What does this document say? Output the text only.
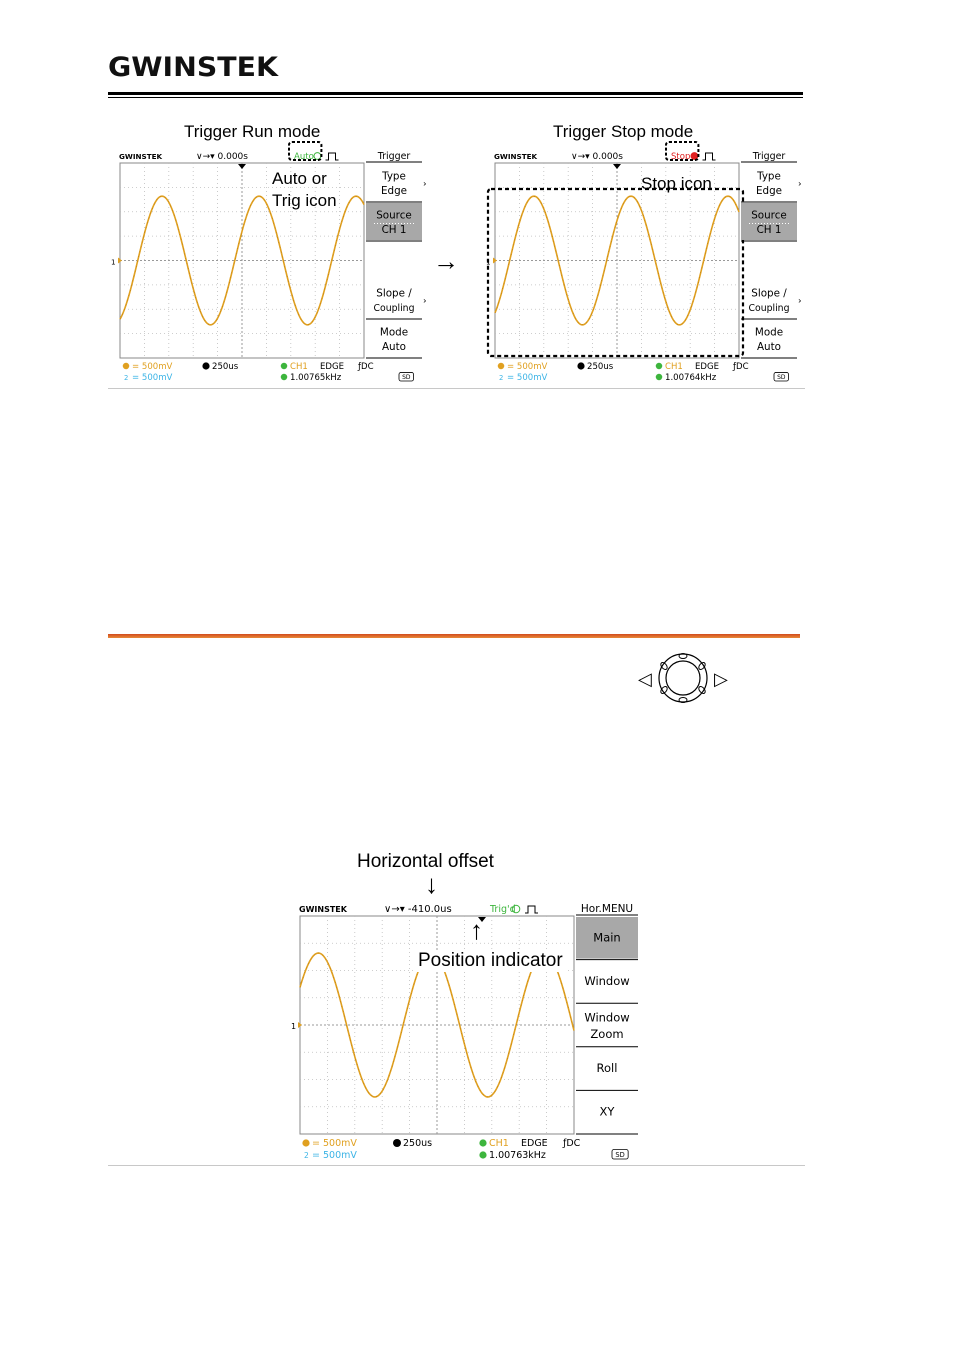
GWINSTEK
Trigger Run mode	Trigger Stop mode
GWINSTEK	∨→▾ 0.000s	Auto
1
Trigger
Type
Edge
›
Source
CH 1
Slope /
Coupling
›
Mode
Auto
= 500mV
2 = 500mV
250us	CH1 EDGE ƒDC
1.00765kHz	SD
GWINSTEK	∨→▾ 0.000s	Stop
1
Trigger
Type
Edge
›
Source
CH 1
Slope /
Coupling
›
Mode
Auto
= 500mV
2 = 500mV
250us	CH1 EDGE ƒDC
1.00764kHz	SD
Auto or
Trig icon
Stop icon
→
◁	▷
Horizontal offset
↓
GWINSTEK	∨→▾ -410.0us	Trig'd
1
Hor.MENU
Main
Window
Window
Zoom
Roll
XY
= 500mV
2 = 500mV
250us	CH1 EDGE ƒDC
1.00763kHz	SD
↑
Position indicator
